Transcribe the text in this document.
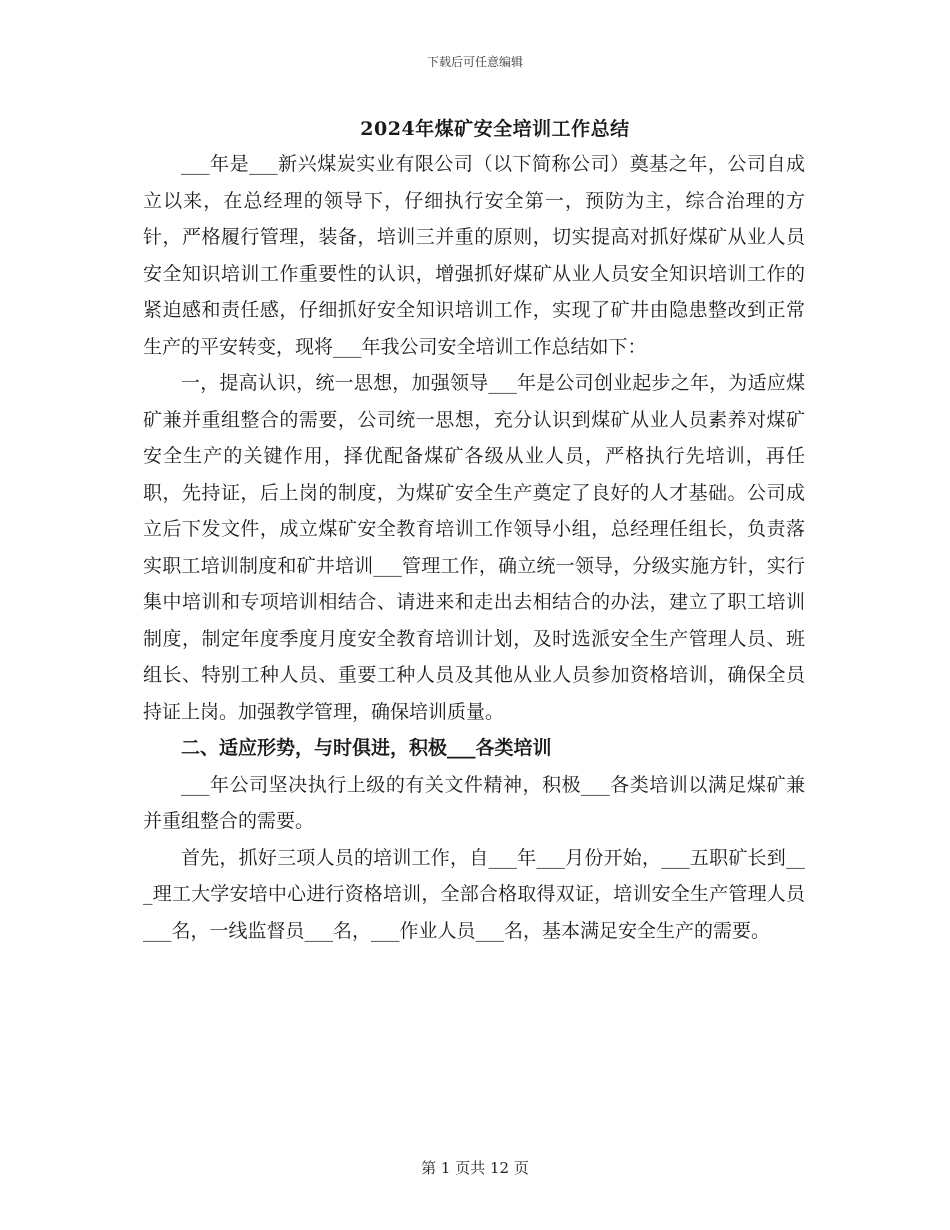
下载后可任意编辑
2024年煤矿安全培训工作总结

___年是___新兴煤炭实业有限公司（以下简称公司）奠基之年，公司自成立以来，在总经理的领导下，仔细执行安全第一，预防为主，综合治理的方针，严格履行管理，装备，培训三并重的原则，切实提高对抓好煤矿从业人员安全知识培训工作重要性的认识，增强抓好煤矿从业人员安全知识培训工作的紧迫感和责任感，仔细抓好安全知识培训工作，实现了矿井由隐患整改到正常生产的平安转变，现将___年我公司安全培训工作总结如下：

一，提高认识，统一思想，加强领导___年是公司创业起步之年，为适应煤矿兼并重组整合的需要，公司统一思想，充分认识到煤矿从业人员素养对煤矿安全生产的关键作用，择优配备煤矿各级从业人员，严格执行先培训，再任职，先持证，后上岗的制度，为煤矿安全生产奠定了良好的人才基础。公司成立后下发文件，成立煤矿安全教育培训工作领导小组，总经理任组长，负责落实职工培训制度和矿井培训___管理工作，确立统一领导，分级实施方针，实行集中培训和专项培训相结合、请进来和走出去相结合的办法，建立了职工培训制度，制定年度季度月度安全教育培训计划，及时选派安全生产管理人员、班组长、特别工种人员、重要工种人员及其他从业人员参加资格培训，确保全员持证上岗。加强教学管理，确保培训质量。

二、适应形势，与时俱进，积极___各类培训

___年公司坚决执行上级的有关文件精神，积极___各类培训以满足煤矿兼并重组整合的需要。

首先，抓好三项人员的培训工作，自___年___月份开始，___五职矿长到___理工大学安培中心进行资格培训，全部合格取得双证，培训安全生产管理人员___名，一线监督员___名，___作业人员___名，基本满足安全生产的需要。

第 1 页共 12 页
